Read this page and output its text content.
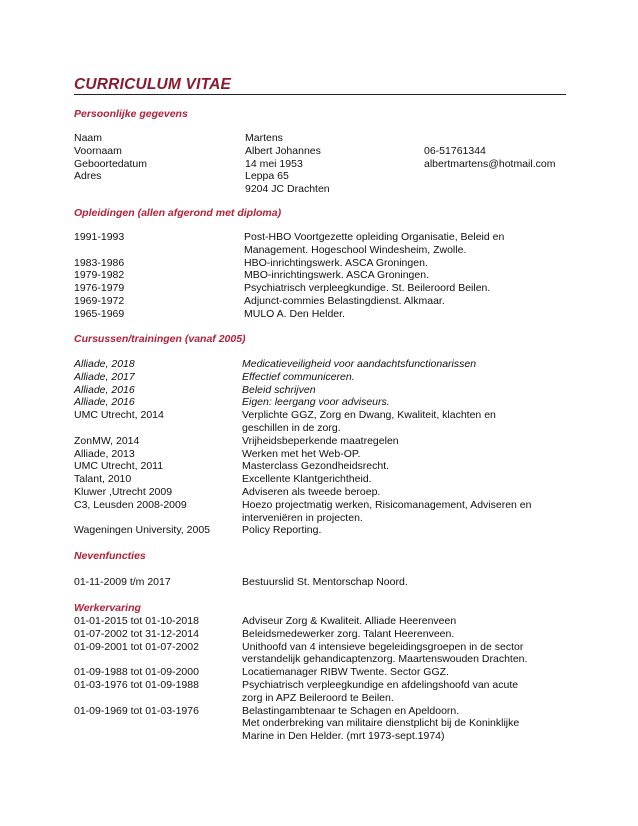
CURRICULUM VITAE
Persoonlijke gegevens
Naam	Martens
Voornaam	Albert Johannes	06-51761344
Geboortedatum	14 mei 1953	albertmartens@hotmail.com
Adres	Leppa 65
9204 JC Drachten
Opleidingen (allen afgerond met diploma)
1991-1993	Post-HBO Voortgezette opleiding Organisatie, Beleid en
Management. Hogeschool Windesheim, Zwolle.
1983-1986	HBO-inrichtingswerk. ASCA Groningen.
1979-1982	MBO-inrichtingswerk. ASCA Groningen.
1976-1979	Psychiatrisch verpleegkundige. St. Beileroord Beilen.
1969-1972	Adjunct-commies Belastingdienst. Alkmaar.
1965-1969	MULO A. Den Helder.
Cursussen/trainingen (vanaf 2005)
Alliade, 2018	Medicatieveiligheid voor aandachtsfunctionarissen
Alliade, 2017	Effectief communiceren.
Alliade, 2016	Beleid schrijven
Alliade, 2016	Eigen: leergang voor adviseurs.
UMC Utrecht, 2014	Verplichte GGZ, Zorg en Dwang, Kwaliteit, klachten en
geschillen in de zorg.
ZonMW, 2014	Vrijheidsbeperkende maatregelen
Alliade, 2013	Werken met het Web-OP.
UMC Utrecht, 2011	Masterclass Gezondheidsrecht.
Talant, 2010	Excellente Klantgerichtheid.
Kluwer ,Utrecht 2009	Adviseren als tweede beroep.
C3, Leusden 2008-2009	Hoezo projectmatig werken, Risicomanagement, Adviseren en
interveniëren in projecten.
Wageningen University, 2005	Policy Reporting.
Nevenfuncties
01-11-2009 t/m 2017	Bestuurslid St. Mentorschap Noord.
Werkervaring
01-01-2015 tot 01-10-2018	Adviseur Zorg & Kwaliteit. Alliade Heerenveen
01-07-2002 tot 31-12-2014	Beleidsmedewerker zorg. Talant Heerenveen.
01-09-2001 tot 01-07-2002	Unithoofd van 4 intensieve begeleidingsgroepen in de sector
verstandelijk gehandicaptenzorg. Maartenswouden Drachten.
01-09-1988 tot 01-09-2000	Locatiemanager RIBW Twente. Sector GGZ.
01-03-1976 tot 01-09-1988	Psychiatrisch verpleegkundige en afdelingshoofd van acute
zorg in APZ Beileroord te Beilen.
01-09-1969 tot 01-03-1976	Belastingambtenaar te Schagen en Apeldoorn.
Met onderbreking van militaire dienstplicht bij de Koninklijke
Marine in Den Helder. (mrt 1973-sept.1974)
